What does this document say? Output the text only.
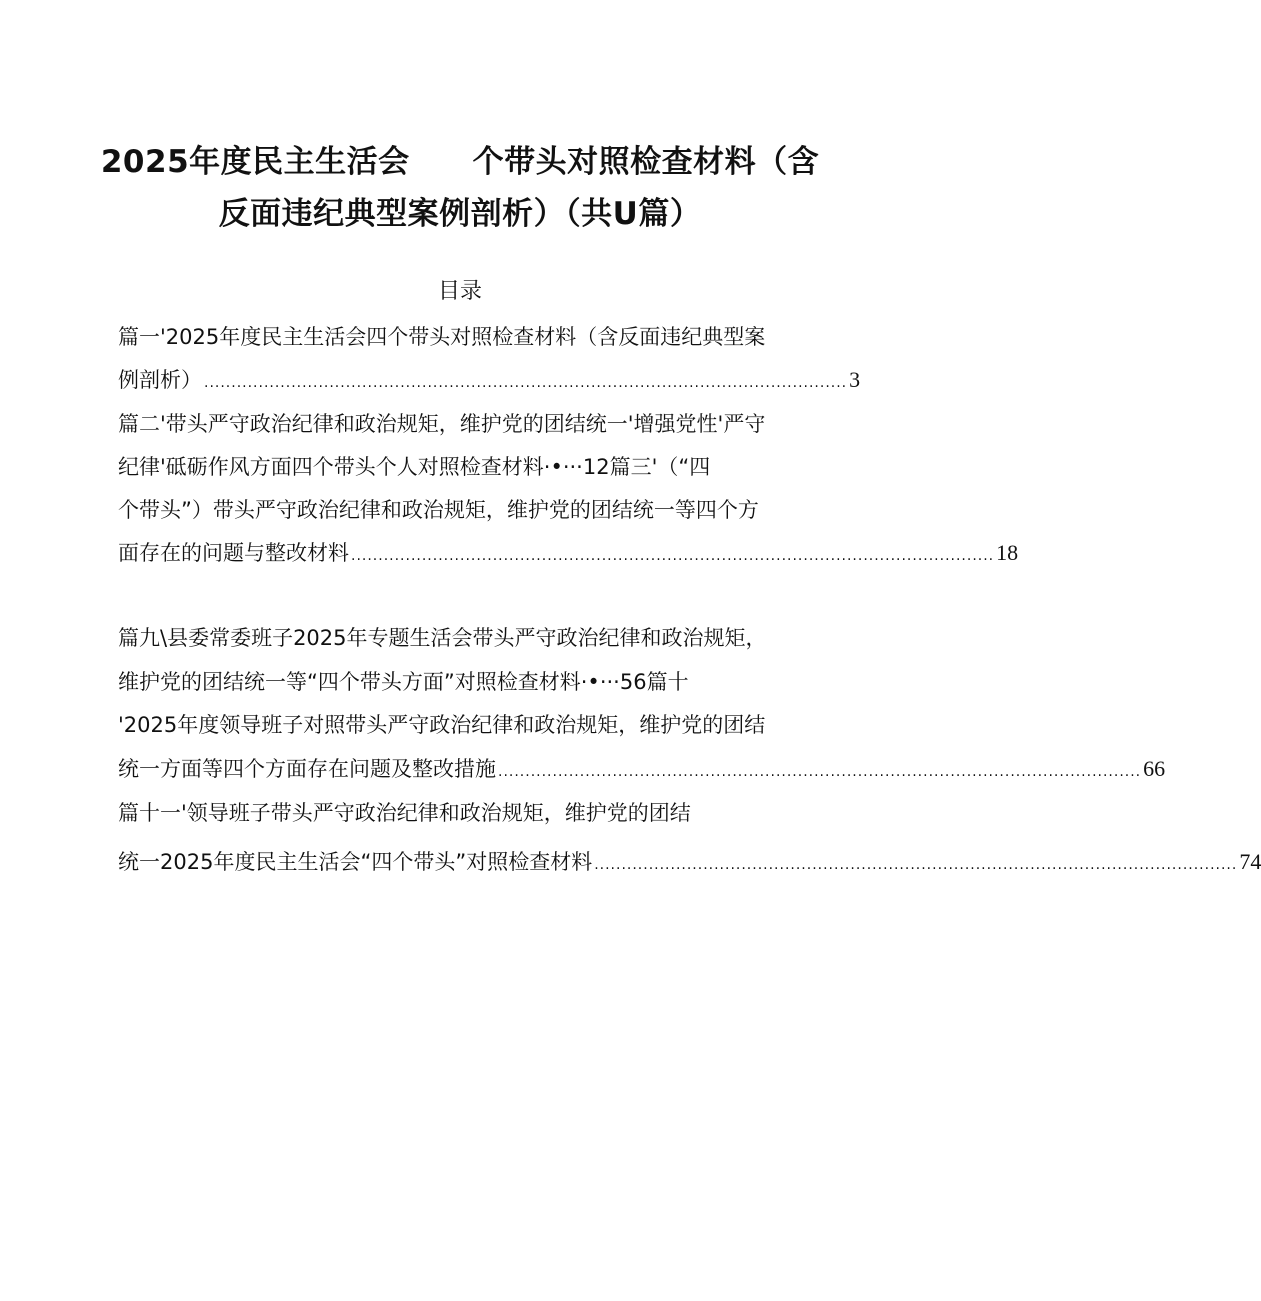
2025年度民主生活会　　个带头对照检查材料（含
反面违纪典型案例剖析）（共U篇）
目录
篇一'2025年度民主生活会四个带头对照检查材料（含反面违纪典型案
例剖析） ...................................................................................................................... 3
篇二'带头严守政治纪律和政治规矩，维护党的团结统一'增强党性'严守
纪律'砥砺作风方面四个带头个人对照检查材料·•···12篇三'（“四
个带头”）带头严守政治纪律和政治规矩，维护党的团结统一等四个方
面存在的问题与整改材料 ...................................................................................................................... 18
篇九\县委常委班子2025年专题生活会带头严守政治纪律和政治规矩，
维护党的团结统一等“四个带头方面”对照检查材料·•···56篇十
'2025年度领导班子对照带头严守政治纪律和政治规矩，维护党的团结
统一方面等四个方面存在问题及整改措施 ...................................................................................................................... 66
篇十一'领导班子带头严守政治纪律和政治规矩，维护党的团结
统一2025年度民主生活会“四个带头”对照检查材料 ...................................................................................................................... 74
